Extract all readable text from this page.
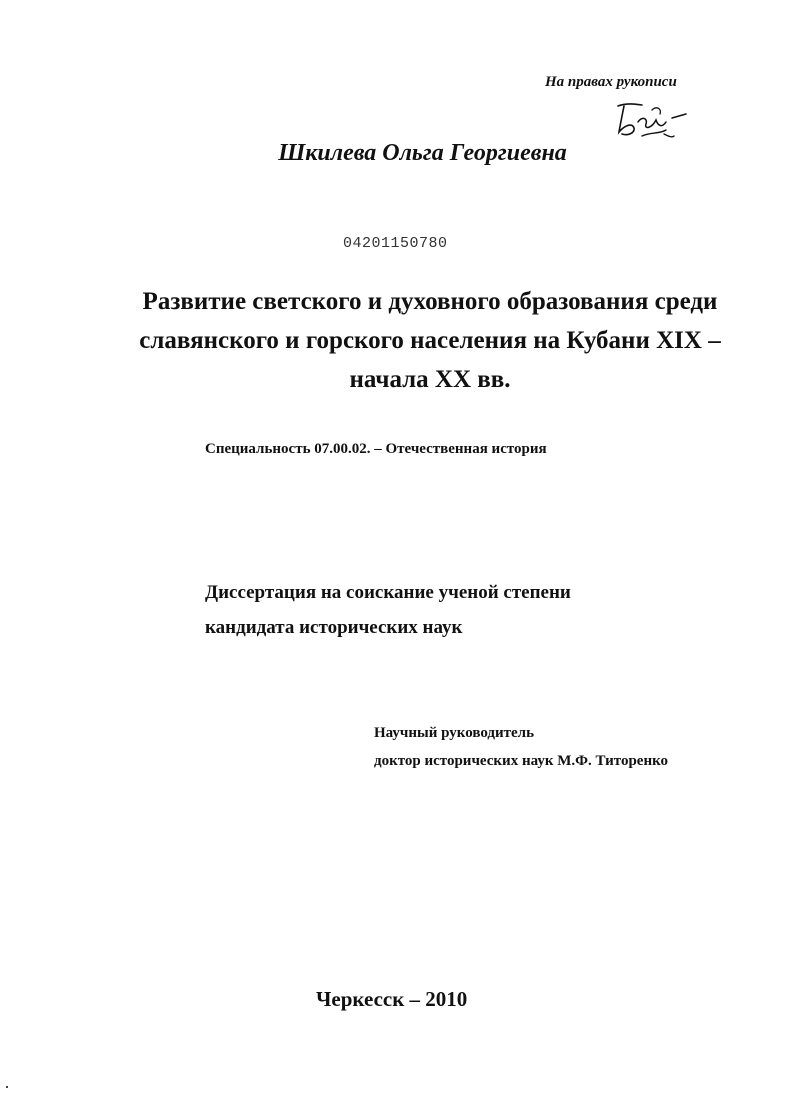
На правах рукописи
Шкилева Ольга Георгиевна
04201150780
Развитие светского и духовного образования среди
славянского и горского населения на Кубани XIX –
начала XX вв.
Специальность 07.00.02. – Отечественная история
Диссертация на соискание ученой степени
кандидата исторических наук
Научный руководитель
доктор исторических наук М.Ф. Титоренко
Черкесск – 2010
